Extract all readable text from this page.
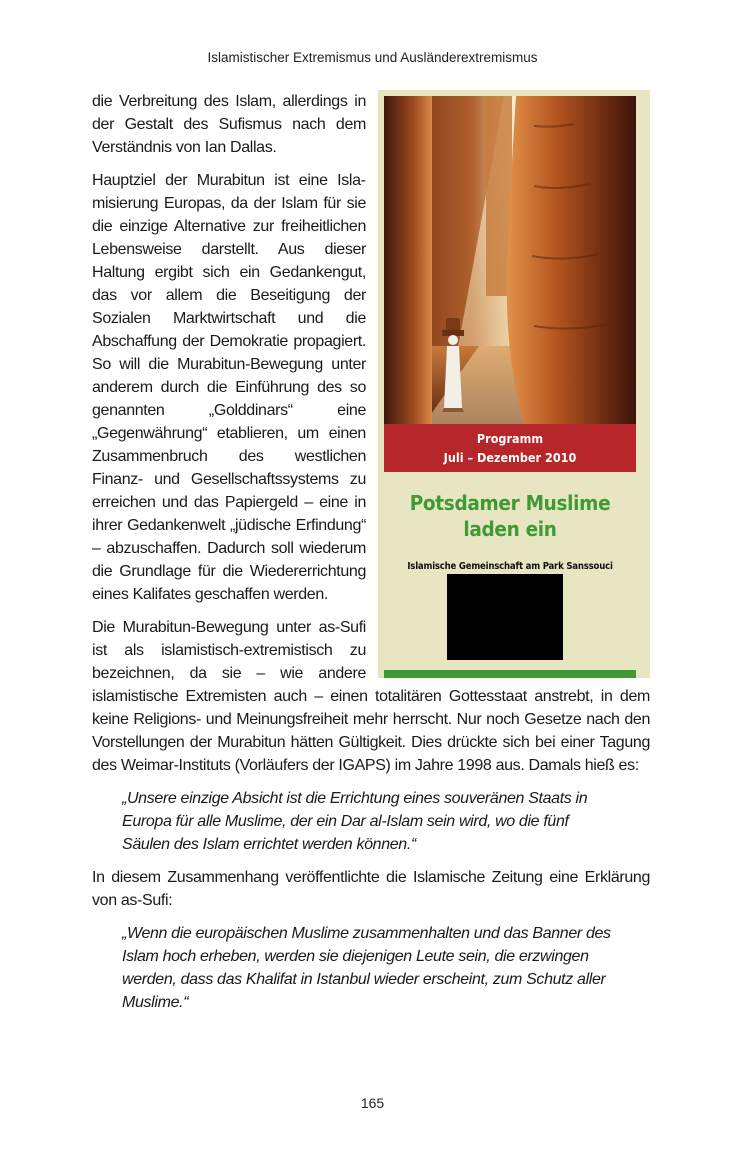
Islamistischer Extremismus und Ausländerextremismus
Programm
Juli – Dezember 2010
Potsdamer Muslime
laden ein
Islamische Gemeinschaft am Park Sanssouci

die Verbreitung des Islam, allerdings in der Gestalt des Sufismus nach dem Verständnis von Ian Dallas.

Hauptziel der Murabitun ist eine Islamisierung Europas, da der Islam für sie die einzige Alternative zur freiheitlichen Lebensweise darstellt. Aus dieser Haltung ergibt sich ein Gedankengut, das vor allem die Beseitigung der Sozialen Marktwirtschaft und die Abschaffung der Demokratie propagiert. So will die Murabitun-Bewegung unter anderem durch die Einführung des so genannten „Golddinars“ eine „Gegenwährung“ etablieren, um einen Zusammenbruch des westlichen Finanz- und Gesellschaftssystems zu erreichen und das Papiergeld – eine in ihrer Gedankenwelt „jüdische Erfindung“ – abzuschaffen. Dadurch soll wiederum die Grundlage für die Wiedererrichtung eines Kalifates geschaffen werden.

Die Murabitun-Bewegung unter as-Sufi ist als islamistisch-extremistisch zu bezeichnen, da sie – wie andere islamistische Extremisten auch – einen totalitären Gottesstaat anstrebt, in dem keine Religions- und Meinungsfreiheit mehr herrscht. Nur noch Gesetze nach den Vorstellungen der Murabitun hätten Gültigkeit. Dies drückte sich bei einer Tagung des Weimar-Instituts (Vorläufers der IGAPS) im Jahre 1998 aus. Damals hieß es:

„Unsere einzige Absicht ist die Errichtung eines souveränen Staats in Europa für alle Muslime, der ein Dar al-Islam sein wird, wo die fünf Säulen des Islam errichtet werden können.“

In diesem Zusammenhang veröffentlichte die Islamische Zeitung eine Erklärung von as-Sufi:

„Wenn die europäischen Muslime zusammenhalten und das Banner des Islam hoch erheben, werden sie diejenigen Leute sein, die erzwingen werden, dass das Khalifat in Istanbul wieder erscheint, zum Schutz aller Muslime.“

165
